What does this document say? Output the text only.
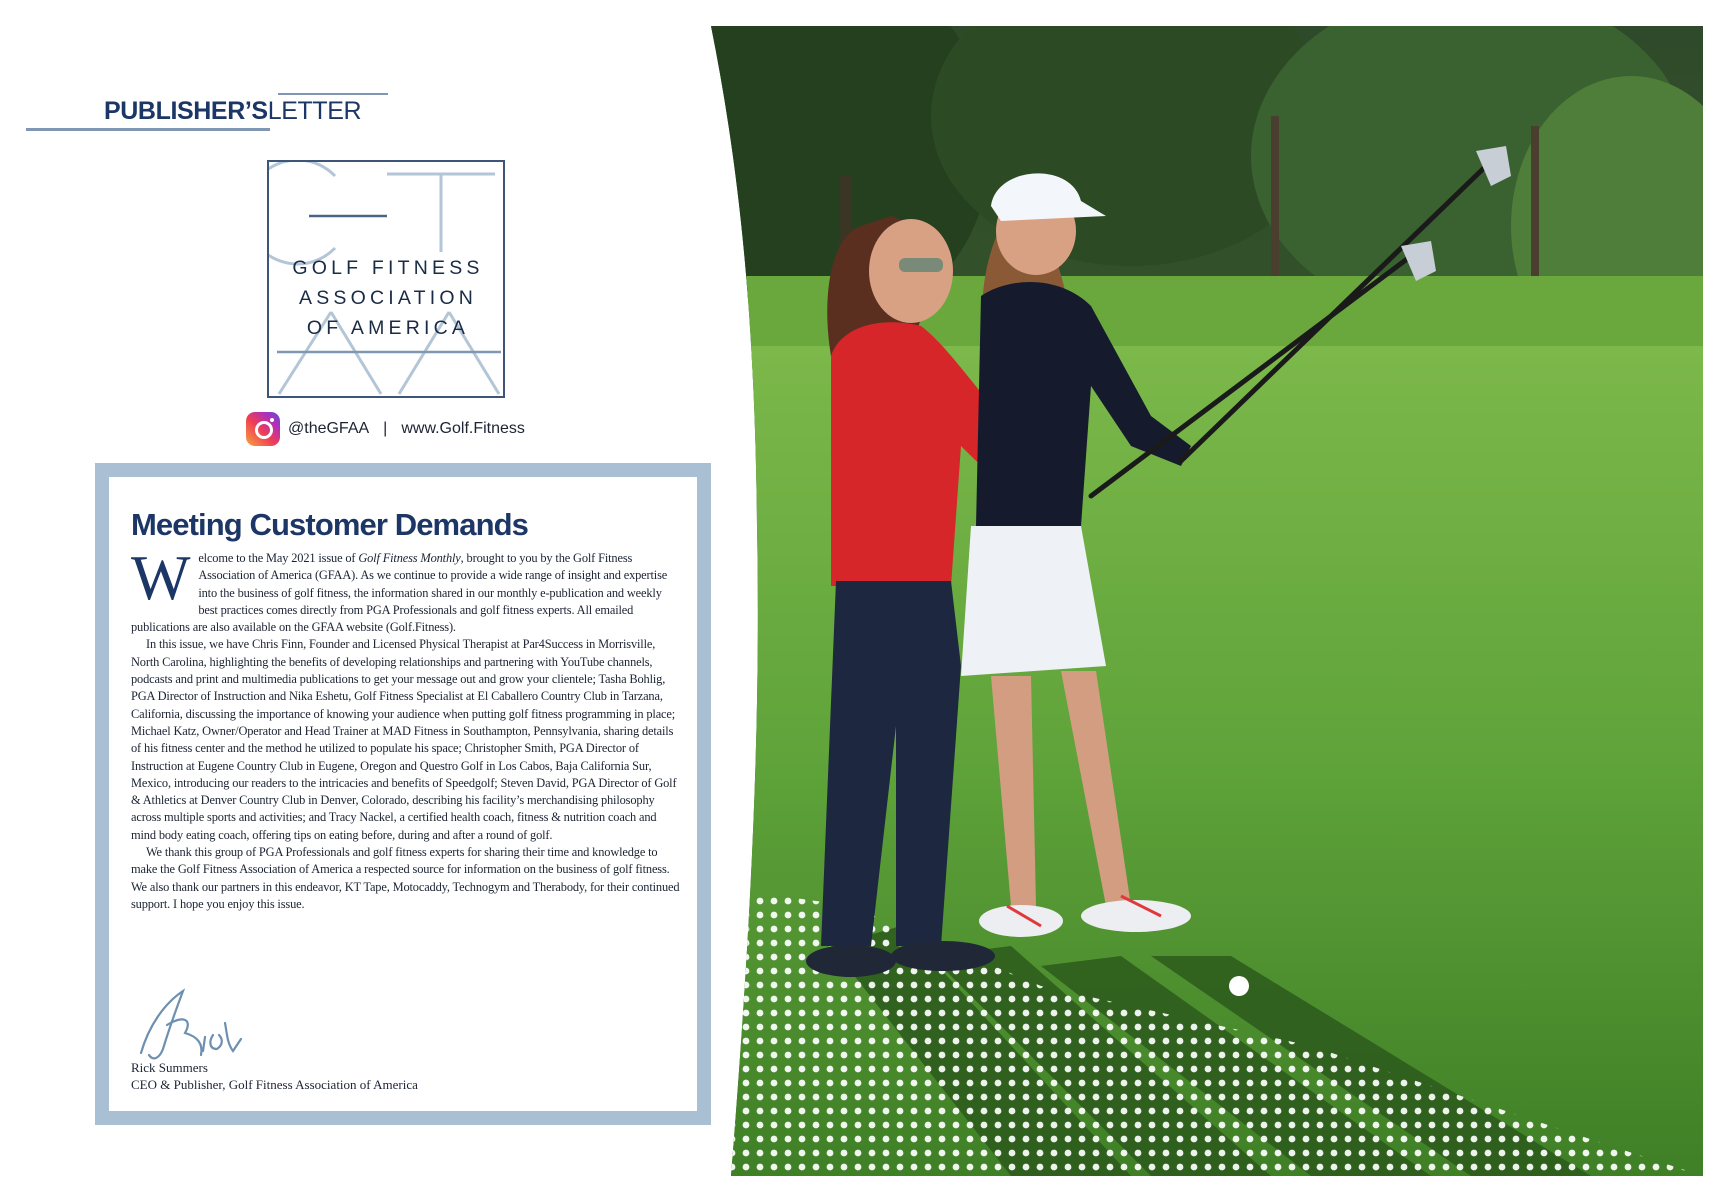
PUBLISHER’SLETTER
GOLF FITNESS
ASSOCIATION
OF AMERICA
@theGFAA | www.Golf.Fitness
Meeting Customer Demands

Welcome to the May 2021 issue of Golf Fitness Monthly, brought to you by the Golf Fitness Association of America (GFAA). As we continue to provide a wide range of insight and expertise into the business of golf fitness, the information shared in our monthly e-publication and weekly best practices comes directly from PGA Professionals and golf fitness experts. All emailed publications are also available on the GFAA website (Golf.Fitness).

In this issue, we have Chris Finn, Founder and Licensed Physical Therapist at Par4Success in Morrisville, North Carolina, highlighting the benefits of developing relationships and partnering with YouTube channels, podcasts and print and multimedia publications to get your message out and grow your clientele; Tasha Bohlig, PGA Director of Instruction and Nika Eshetu, Golf Fitness Specialist at El Caballero Country Club in Tarzana, California, discussing the importance of knowing your audience when putting golf fitness programming in place; Michael Katz, Owner/Operator and Head Trainer at MAD Fitness in Southampton, Pennsylvania, sharing details of his fitness center and the method he utilized to populate his space; Christopher Smith, PGA Director of Instruction at Eugene Country Club in Eugene, Oregon and Questro Golf in Los Cabos, Baja California Sur, Mexico, introducing our readers to the intricacies and benefits of Speedgolf; Steven David, PGA Director of Golf & Athletics at Denver Country Club in Denver, Colorado, describing his facility’s merchandising philosophy across multiple sports and activities; and Tracy Nackel, a certified health coach, fitness & nutrition coach and mind body eating coach, offering tips on eating before, during and after a round of golf.

We thank this group of PGA Professionals and golf fitness experts for sharing their time and knowledge to make the Golf Fitness Association of America a respected source for information on the business of golf fitness. We also thank our partners in this endeavor, KT Tape, Motocaddy, Technogym and Therabody, for their continued support. I hope you enjoy this issue.

Rick Summers
CEO & Publisher, Golf Fitness Association of America
